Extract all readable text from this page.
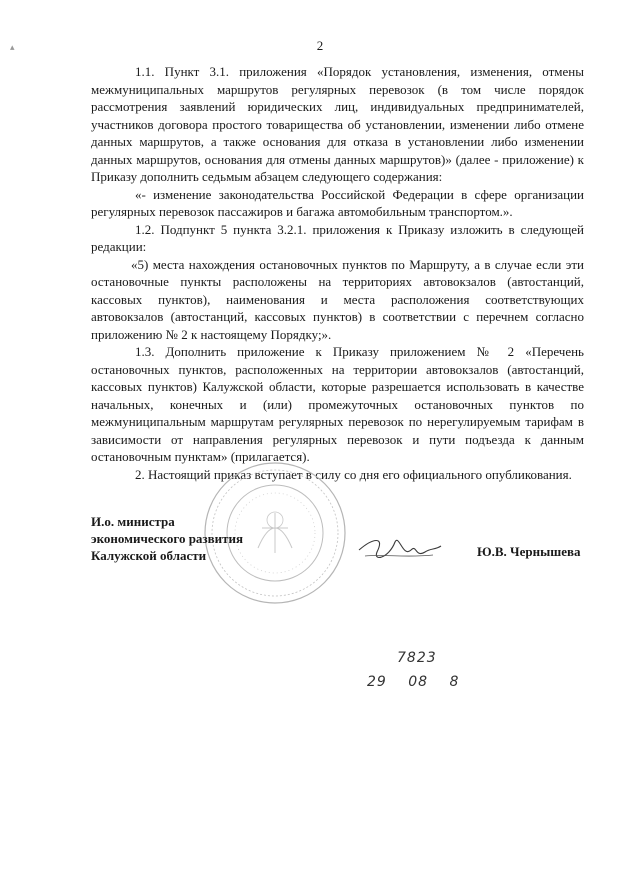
▴	2

1.1. Пункт 3.1. приложения «Порядок установления, изменения, отмены межмуниципальных маршрутов регулярных перевозок (в том числе порядок рассмотрения заявлений юридических лиц, индивидуальных предпринимателей, участников договора простого товарищества об установлении, изменении либо отмене данных маршрутов, а также основания для отказа в установлении либо изменении данных маршрутов, основания для отмены данных маршрутов)» (далее - приложение) к Приказу дополнить седьмым абзацем следующего содержания:

«- изменение законодательства Российской Федерации в сфере организации регулярных перевозок пассажиров и багажа автомобильным транспортом.».

1.2. Подпункт 5 пункта 3.2.1. приложения к Приказу изложить в следующей редакции:

«5) места нахождения остановочных пунктов по Маршруту, а в случае если эти остановочные пункты расположены на территориях автовокзалов (автостанций, кассовых пунктов), наименования и места расположения соответствующих автовокзалов (автостанций, кассовых пунктов) в соответствии с перечнем согласно приложению № 2 к настоящему Порядку;».

1.3. Дополнить приложение к Приказу приложением № 2 «Перечень остановочных пунктов, расположенных на территории автовокзалов (автостанций, кассовых пунктов) Калужской области, которые разрешается использовать в качестве начальных, конечных и (или) промежуточных остановочных пунктов по межмуниципальным маршрутам регулярных перевозок по нерегулируемым тарифам в зависимости от направления регулярных перевозок и пути подъезда к данным остановочным пунктам» (прилагается).

2. Настоящий приказ вступает в силу со дня его официального опубликования.

И.о. министра
экономического развития
Калужской области	Ю.В. Чернышева
7823
29 08 8
